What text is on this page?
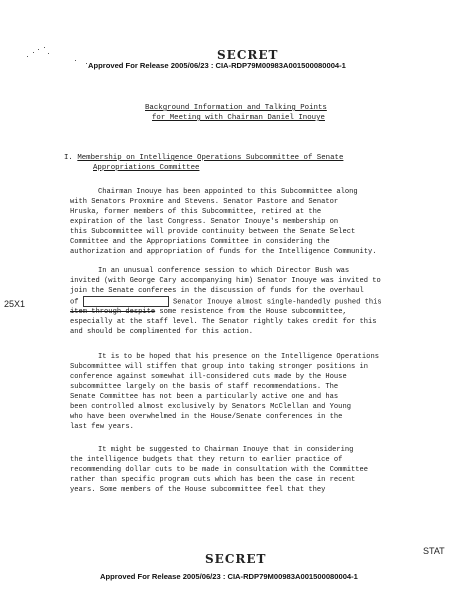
SECRET
Approved For Release 2005/06/23 : CIA-RDP79M00983A001500080004-1
Background Information and Talking Points
for Meeting with Chairman Daniel Inouye
I. Membership on Intelligence Operations Subcommittee of Senate
Appropriations Committee
Chairman Inouye has been appointed to this Subcommittee along
with Senators Proxmire and Stevens. Senator Pastore and Senator
Hruska, former members of this Subcommittee, retired at the
expiration of the last Congress. Senator Inouye's membership on
this Subcommittee will provide continuity between the Senate Select
Committee and the Appropriations Committee in considering the
authorization and appropriation of funds for the Intelligence Community.
In an unusual conference session to which Director Bush was
invited (with George Cary accompanying him) Senator Inouye was invited to
join the Senate conferees in the discussion of funds for the overhaul
of	Senator Inouye almost single-handedly pushed this
item through despite some resistence from the House subcommittee,
especially at the staff level. The Senator rightly takes credit for this
and should be complimented for this action.
25X1
It is to be hoped that his presence on the Intelligence Operations
Subcommittee will stiffen that group into taking stronger positions in
conference against somewhat ill-considered cuts made by the House
subcommittee largely on the basis of staff recommendations. The
Senate Committee has not been a particularly active one and has
been controlled almost exclusively by Senators McClellan and Young
who have been overwhelmed in the House/Senate conferences in the
last few years.
It might be suggested to Chairman Inouye that in considering
the intelligence budgets that they return to earlier practice of
recommending dollar cuts to be made in consultation with the Committee
rather than specific program cuts which has been the case in recent
years. Some members of the House subcommittee feel that they
STAT
SECRET
Approved For Release 2005/06/23 : CIA-RDP79M00983A001500080004-1
